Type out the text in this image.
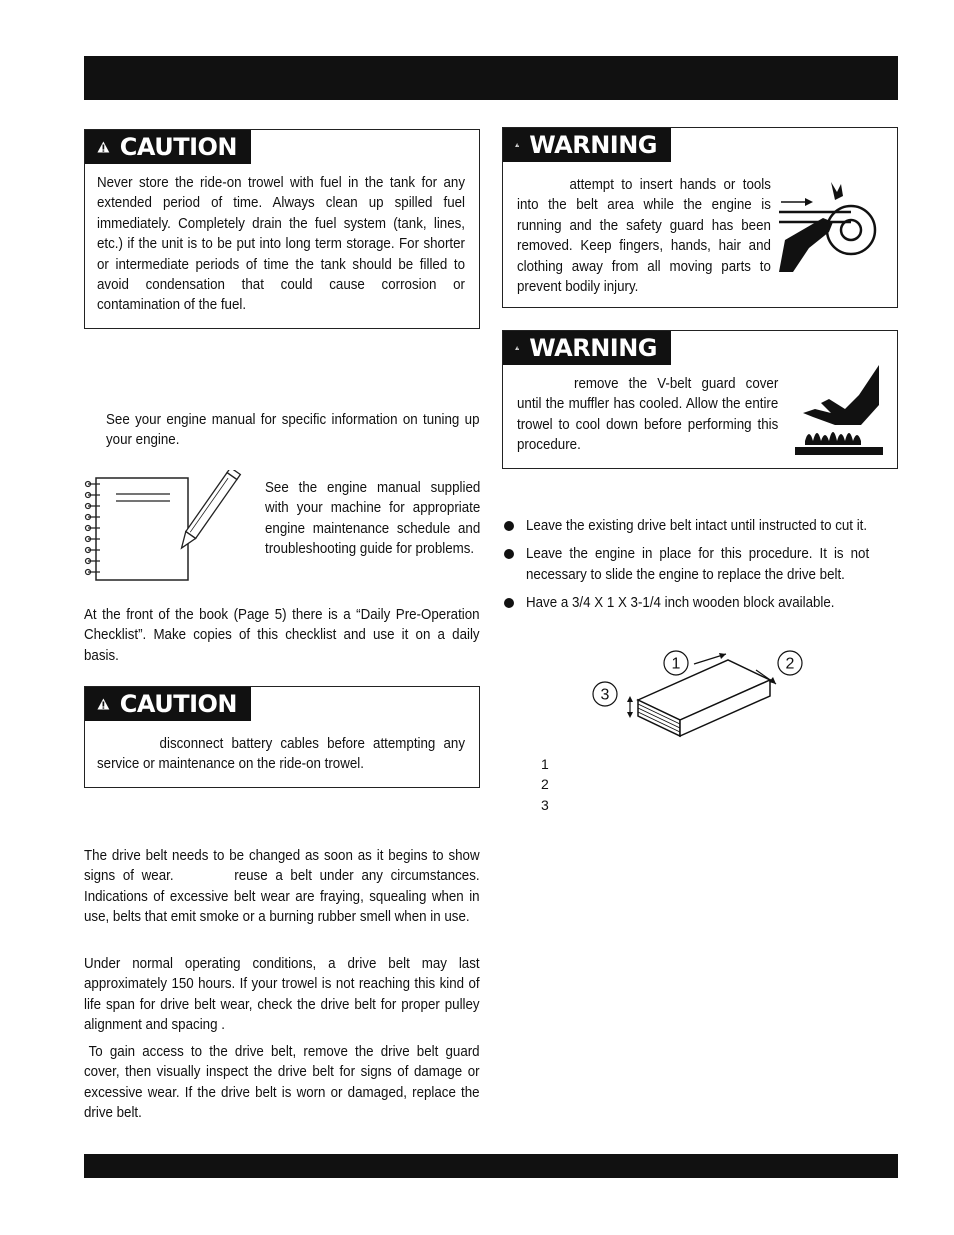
CAUTION
Never store the ride-on trowel with fuel in the tank for any extended period of time. Always clean up spilled fuel immediately. Completely drain the fuel system (tank, lines, etc.) if the unit is to be put into long term storage. For shorter or intermediate periods of time the tank should be filled to avoid condensation that could cause corrosion or contamination of the fuel.
See your engine manual for specific information on tuning up your engine.
See the engine manual supplied with your machine for appropriate engine maintenance schedule and troubleshooting guide for problems.
At the front of the book (Page 5) there is a “Daily Pre-Operation Checklist”. Make copies of this checklist and use it on a daily basis.
CAUTION
disconnect battery cables before attempting any service or maintenance on the ride-on trowel.
The drive belt needs to be changed as soon as it begins to show signs of wear.	reuse a belt under any circumstances. Indications of excessive belt wear are fraying, squealing when in use, belts that emit smoke or a burning rubber smell when in use.
Under normal operating conditions, a drive belt may last approximately 150 hours. If your trowel is not reaching this kind of life span for drive belt wear, check the drive belt for proper pulley alignment and spacing .
To gain access to the drive belt, remove the drive belt guard cover, then visually inspect the drive belt for signs of damage or excessive wear. If the drive belt is worn or damaged, replace the drive belt.
WARNING
attempt to insert hands or tools into the belt area while the engine is running and the safety guard has been removed. Keep fingers, hands, hair and clothing away from all moving parts to prevent bodily injury.
WARNING
remove the V-belt guard cover until the muffler has cooled. Allow the entire trowel to cool down before performing this procedure.
Leave the existing drive belt intact until instructed to cut it.
Leave the engine in place for this procedure. It is not necessary to slide the engine to replace the drive belt.
Have a 3/4 X 1 X 3-1/4 inch wooden block available.
1	2
3
1
2
3
